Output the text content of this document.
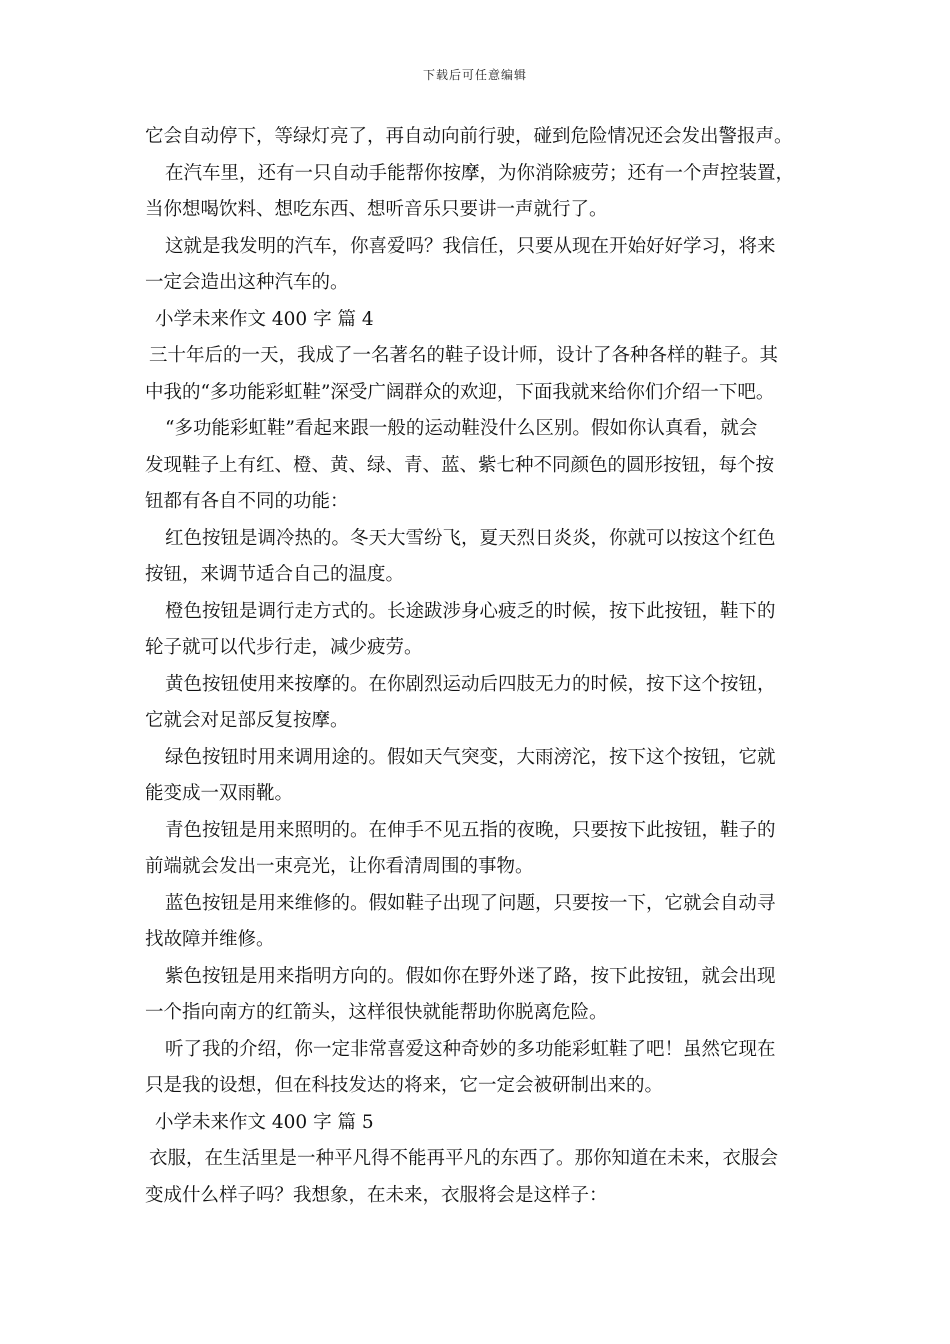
下载后可任意编辑
它会自动停下，等绿灯亮了，再自动向前行驶，碰到危险情况还会发出警报声。
在汽车里，还有一只自动手能帮你按摩，为你消除疲劳；还有一个声控装置，
当你想喝饮料、想吃东西、想听音乐只要讲一声就行了。
这就是我发明的汽车，你喜爱吗？我信任，只要从现在开始好好学习，将来
一定会造出这种汽车的。
小学未来作文 400 字 篇 4
三十年后的一天，我成了一名著名的鞋子设计师，设计了各种各样的鞋子。其
中我的“多功能彩虹鞋”深受广阔群众的欢迎，下面我就来给你们介绍一下吧。
“多功能彩虹鞋”看起来跟一般的运动鞋没什么区别。假如你认真看，就会
发现鞋子上有红、橙、黄、绿、青、蓝、紫七种不同颜色的圆形按钮，每个按
钮都有各自不同的功能：
红色按钮是调冷热的。冬天大雪纷飞，夏天烈日炎炎，你就可以按这个红色
按钮，来调节适合自己的温度。
橙色按钮是调行走方式的。长途跋涉身心疲乏的时候，按下此按钮，鞋下的
轮子就可以代步行走，减少疲劳。
黄色按钮使用来按摩的。在你剧烈运动后四肢无力的时候，按下这个按钮，
它就会对足部反复按摩。
绿色按钮时用来调用途的。假如天气突变，大雨滂沱，按下这个按钮，它就
能变成一双雨靴。
青色按钮是用来照明的。在伸手不见五指的夜晚，只要按下此按钮，鞋子的
前端就会发出一束亮光，让你看清周围的事物。
蓝色按钮是用来维修的。假如鞋子出现了问题，只要按一下，它就会自动寻
找故障并维修。
紫色按钮是用来指明方向的。假如你在野外迷了路，按下此按钮，就会出现
一个指向南方的红箭头，这样很快就能帮助你脱离危险。
听了我的介绍，你一定非常喜爱这种奇妙的多功能彩虹鞋了吧！虽然它现在
只是我的设想，但在科技发达的将来，它一定会被研制出来的。
小学未来作文 400 字 篇 5
衣服，在生活里是一种平凡得不能再平凡的东西了。那你知道在未来，衣服会
变成什么样子吗？我想象，在未来，衣服将会是这样子：
